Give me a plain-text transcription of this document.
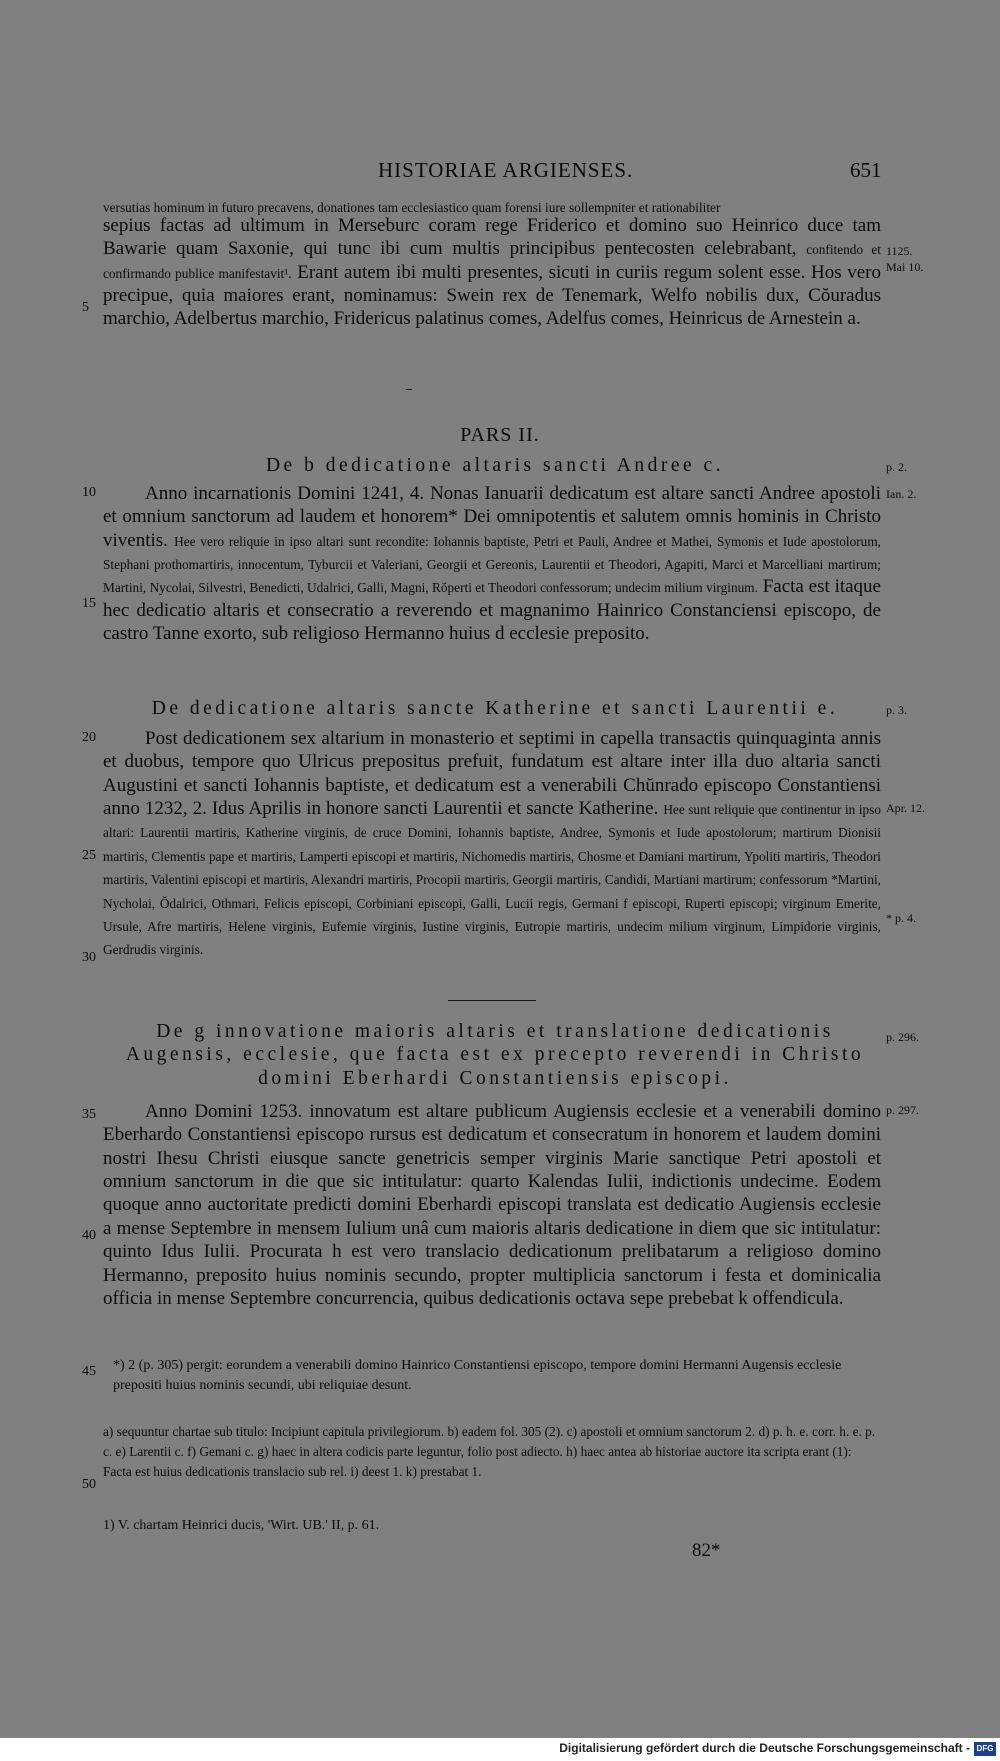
HISTORIAE ARGIENSES.	651
versutias hominum in futuro precavens, donationes tam ecclesiastico quam forensi iure sollempniter et rationabiliter
sepius factas ad ultimum in Merseburc coram rege Friderico et domino suo Heinrico duce tam Bawarie quam Saxonie, qui tunc ibi cum multis principibus pentecosten celebrabant, confitendo et confirmando publice manifestavit¹. Erant autem ibi multi presentes, sicuti in curiis regum solent esse. Hos vero precipue, quia maiores erant, nominamus: Swein rex de Tenemark, Welfo nobilis dux, Cŏuradus marchio, Adelbertus marchio, Fridericus palatinus comes, Adelfus comes, Heinricus de Arnestein a.
1125.
Mai 10.
PARS II.
De b dedicatione altaris sancti Andree c.	p. 2.
Ian. 2.
Anno incarnationis Domini 1241, 4. Nonas Ianuarii dedicatum est altare sancti Andree apostoli et omnium sanctorum ad laudem et honorem* Dei omnipotentis et salutem omnis hominis in Christo viventis. Hee vero reliquie in ipso altari sunt recondite: Iohannis baptiste, Petri et Pauli, Andree et Mathei, Symonis et Iude apostolorum, Stephani prothomartiris, innocentum, Tyburcii et Valeriani, Georgii et Gereonis, Laurentii et Theodori, Agapiti, Marci et Marcelliani martirum; Martini, Nycolai, Silvestri, Benedicti, Udalrici, Galli, Magni, Rŏperti et Theodori confessorum; undecim milium virginum. Facta est itaque hec dedicatio altaris et consecratio a reverendo et magnanimo Hainrico Constanciensi episcopo, de castro Tanne exorto, sub religioso Hermanno huius d ecclesie preposito.
De dedicatione altaris sancte Katherine et sancti Laurentii e.	p. 3.
Apr. 12.
* p. 4.
Post dedicationem sex altarium in monasterio et septimi in capella transactis quinquaginta annis et duobus, tempore quo Ulricus prepositus prefuit, fundatum est altare inter illa duo altaria sancti Augustini et sancti Iohannis baptiste, et dedicatum est a venerabili Chŭnrado episcopo Constantiensi anno 1232, 2. Idus Aprilis in honore sancti Laurentii et sancte Katherine. Hee sunt reliquie que continentur in ipso altari: Laurentii martiris, Katherine virginis, de cruce Domini, Iohannis baptiste, Andree, Symonis et Iude apostolorum; martirum Dionisii martiris, Clementis pape et martiris, Lamperti episcopi et martiris, Nichomedis martiris, Chosme et Damiani martirum, Ypoliti martiris, Theodori martiris, Valentini episcopi et martiris, Alexandri martiris, Procopii martiris, Georgii martiris, Candidi, Martiani martirum; confessorum *Martini, Nycholai, Ŏdalrici, Othmari, Felicis episcopi, Corbiniani episcopi, Galli, Lucii regis, Germani f episcopi, Ruperti episcopi; virginum Emerite, Ursule, Afre martiris, Helene virginis, Eufemie virginis, Iustine virginis, Eutropie martiris, undecim milium virginum, Limpidorie virginis, Gerdrudis virginis.
De g innovatione maioris altaris et translatione dedicationis Augensis, ecclesie, que facta est ex precepto reverendi in Christo domini Eberhardi Constantiensis episcopi.
p. 296.
p. 297.
Anno Domini 1253. innovatum est altare publicum Augiensis ecclesie et a venerabili domino Eberhardo Constantiensi episcopo rursus est dedicatum et consecratum in honorem et laudem domini nostri Ihesu Christi eiusque sancte genetricis semper virginis Marie sanctique Petri apostoli et omnium sanctorum in die que sic intitulatur: quarto Kalendas Iulii, indictionis undecime. Eodem quoque anno auctoritate predicti domini Eberhardi episcopi translata est dedicatio Augiensis ecclesie a mense Septembre in mensem Iulium unâ cum maioris altaris dedicatione in diem que sic intitulatur: quinto Idus Iulii. Procurata h est vero translacio dedicationum prelibatarum a religioso domino Hermanno, preposito huius nominis secundo, propter multiplicia sanctorum i festa et dominicalia officia in mense Septembre concurrencia, quibus dedicationis octava sepe prebebat k offendicula.
5
10
15
20
25
30
35
40
45
50
*) 2 (p. 305) pergit: eorundem a venerabili domino Hainrico Constantiensi episcopo, tempore domini Hermanni Augensis ecclesie prepositi huius nominis secundi, ubi reliquiae desunt.
a) sequuntur chartae sub titulo: Incipiunt capitula privilegiorum. b) eadem fol. 305 (2). c) apostoli et omnium sanctorum 2. d) p. h. e. corr. h. e. p. c. e) Larentii c. f) Gemani c. g) haec in altera codicis parte leguntur, folio post adiecto. h) haec antea ab historiae auctore ita scripta erant (1): Facta est huius dedicationis translacio sub rel. i) deest 1. k) prestabat 1.
1) V. chartam Heinrici ducis, 'Wirt. UB.' II, p. 61.
82*
Digitalisierung gefördert durch die Deutsche Forschungsgemeinschaft - DFG
